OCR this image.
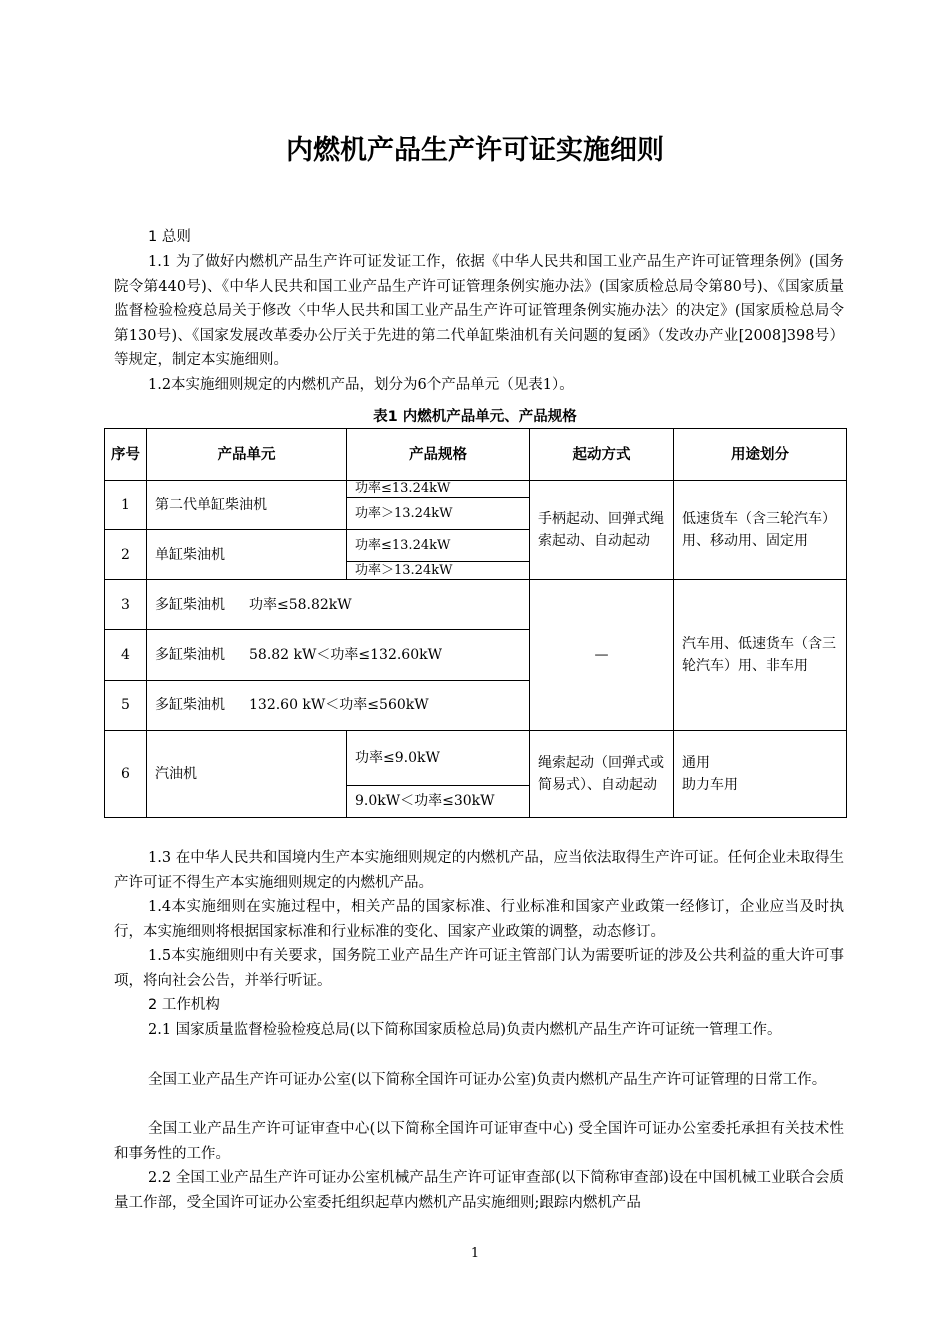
内燃机产品生产许可证实施细则
1 总则
1.1 为了做好内燃机产品生产许可证发证工作，依据《中华人民共和国工业产品生产许可证管理条例》(国务院令第440号)、《中华人民共和国工业产品生产许可证管理条例实施办法》(国家质检总局令第80号)、《国家质量监督检验检疫总局关于修改〈中华人民共和国工业产品生产许可证管理条例实施办法〉的决定》(国家质检总局令第130号)、《国家发展改革委办公厅关于先进的第二代单缸柴油机有关问题的复函》（发改办产业[2008]398号）等规定，制定本实施细则。
1.2本实施细则规定的内燃机产品，划分为6个产品单元（见表1）。
表1 内燃机产品单元、产品规格
序号	产品单元	产品规格	起动方式	用途划分
1	第二代单缸柴油机	功率≤13.24kW	手柄起动、回弹式绳索起动、自动起动	低速货车（含三轮汽车）用、移动用、固定用
		功率＞13.24kW		
2	单缸柴油机	功率≤13.24kW		
		功率＞13.24kW		
3	多缸柴油机 功率≤58.82kW		—	汽车用、低速货车（含三轮汽车）用、非车用
4	多缸柴油机 58.82 kW＜功率≤132.60kW			
5	多缸柴油机 132.60 kW＜功率≤560kW			
6	汽油机	功率≤9.0kW	绳索起动（回弹式或简易式）、自动起动	通用
助力车用

		9.0kW＜功率≤30kW		
1.3 在中华人民共和国境内生产本实施细则规定的内燃机产品，应当依法取得生产许可证。任何企业未取得生产许可证不得生产本实施细则规定的内燃机产品。
1.4本实施细则在实施过程中，相关产品的国家标准、行业标准和国家产业政策一经修订，企业应当及时执行，本实施细则将根据国家标准和行业标准的变化、国家产业政策的调整，动态修订。
1.5本实施细则中有关要求，国务院工业产品生产许可证主管部门认为需要听证的涉及公共利益的重大许可事项，将向社会公告，并举行听证。
2 工作机构
2.1 国家质量监督检验检疫总局(以下简称国家质检总局)负责内燃机产品生产许可证统一管理工作。
全国工业产品生产许可证办公室(以下简称全国许可证办公室)负责内燃机产品生产许可证管理的日常工作。
全国工业产品生产许可证审查中心(以下简称全国许可证审查中心) 受全国许可证办公室委托承担有关技术性和事务性的工作。
2.2 全国工业产品生产许可证办公室机械产品生产许可证审查部(以下简称审查部)设在中国机械工业联合会质量工作部，受全国许可证办公室委托组织起草内燃机产品实施细则;跟踪内燃机产品
1
